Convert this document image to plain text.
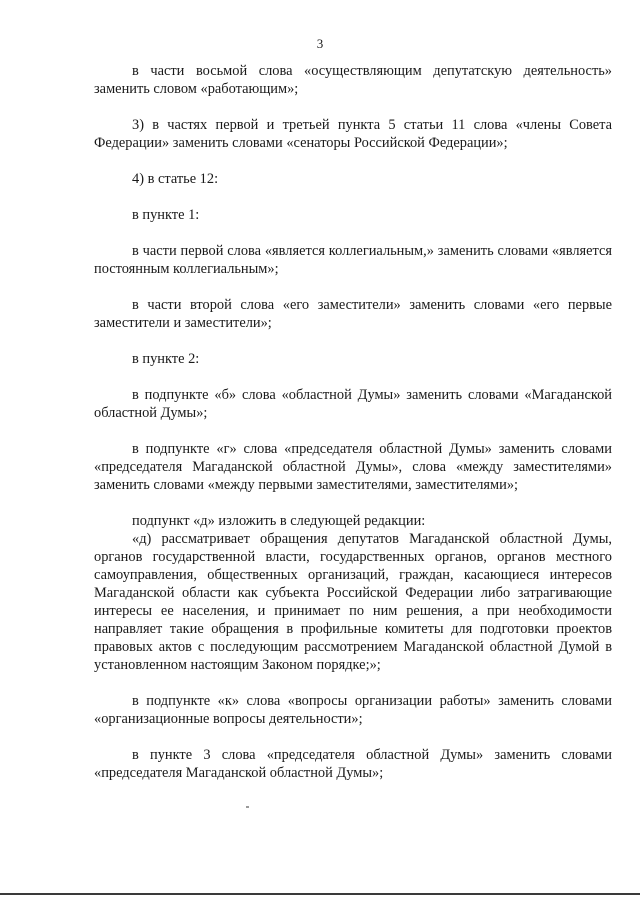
3

в части восьмой слова «осуществляющим депутатскую деятельность» заменить словом «работающим»;

3) в частях первой и третьей пункта 5 статьи 11 слова «члены Совета Федерации» заменить словами «сенаторы Российской Федерации»;

4) в статье 12:

в пункте 1:

в части первой слова «является коллегиальным,» заменить словами «является постоянным коллегиальным»;

в части второй слова «его заместители» заменить словами «его первые заместители и заместители»;

в пункте 2:

в подпункте «б» слова «областной Думы» заменить словами «Магаданской областной Думы»;

в подпункте «г» слова «председателя областной Думы» заменить словами «председателя Магаданской областной Думы», слова «между заместителями» заменить словами «между первыми заместителями, заместителями»;

подпункт «д» изложить в следующей редакции:

«д) рассматривает обращения депутатов Магаданской областной Думы, органов государственной власти, государственных органов, органов местного самоуправления, общественных организаций, граждан, касающиеся интересов Магаданской области как субъекта Российской Федерации либо затрагивающие интересы ее населения, и принимает по ним решения, а при необходимости направляет такие обращения в профильные комитеты для подготовки проектов правовых актов с последующим рассмотрением Магаданской областной Думой в установленном настоящим Законом порядке;»;

в подпункте «к» слова «вопросы организации работы» заменить словами «организационные вопросы деятельности»;

в пункте 3 слова «председателя областной Думы» заменить словами «председателя Магаданской областной Думы»;
